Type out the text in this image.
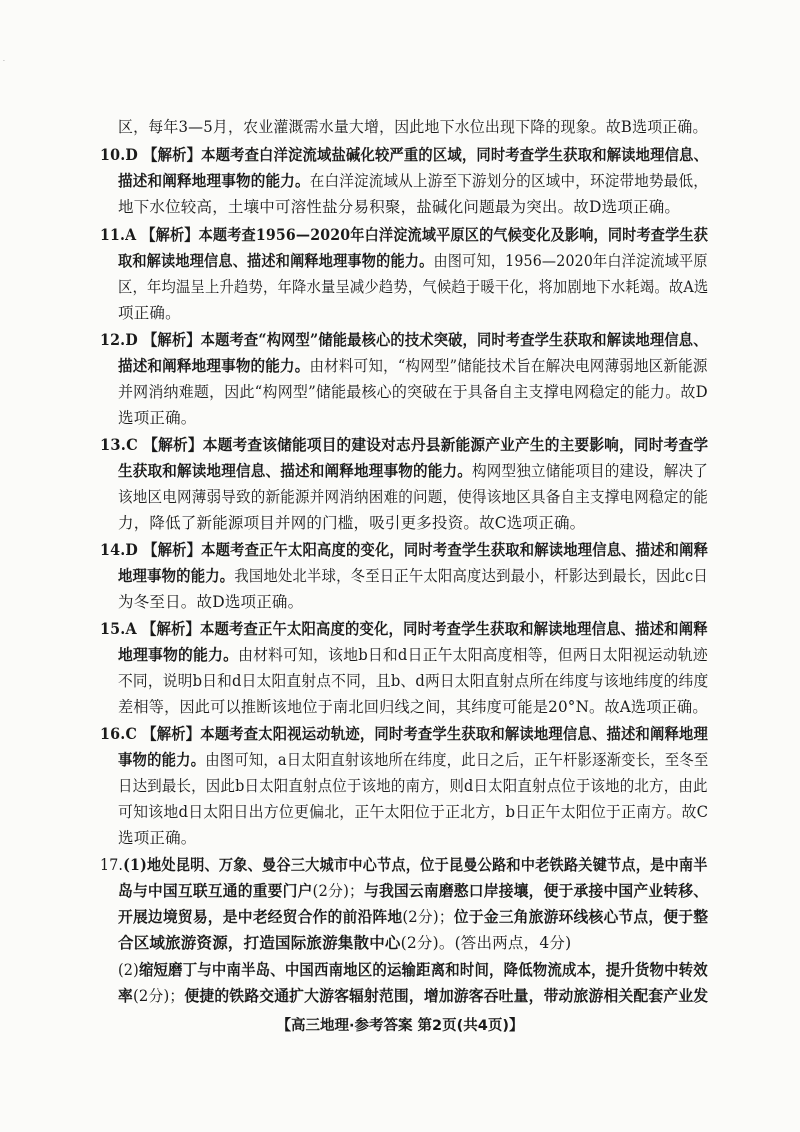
·
区，每年3—5月，农业灌溉需水量大增，因此地下水位出现下降的现象。故B选项正确。
10.D 【解析】本题考查白洋淀流域盐碱化较严重的区域，同时考查学生获取和解读地理信息、
描述和阐释地理事物的能力。在白洋淀流域从上游至下游划分的区域中，环淀带地势最低，
地下水位较高，土壤中可溶性盐分易积聚，盐碱化问题最为突出。故D选项正确。
11.A 【解析】本题考查1956—2020年白洋淀流域平原区的气候变化及影响，同时考查学生获
取和解读地理信息、描述和阐释地理事物的能力。由图可知，1956—2020年白洋淀流域平原
区，年均温呈上升趋势，年降水量呈减少趋势，气候趋于暖干化，将加剧地下水耗竭。故A选
项正确。
12.D 【解析】本题考查“构网型”储能最核心的技术突破，同时考查学生获取和解读地理信息、
描述和阐释地理事物的能力。由材料可知，“构网型”储能技术旨在解决电网薄弱地区新能源
并网消纳难题，因此“构网型”储能最核心的突破在于具备自主支撑电网稳定的能力。故D
选项正确。
13.C 【解析】本题考查该储能项目的建设对志丹县新能源产业产生的主要影响，同时考查学
生获取和解读地理信息、描述和阐释地理事物的能力。构网型独立储能项目的建设，解决了
该地区电网薄弱导致的新能源并网消纳困难的问题，使得该地区具备自主支撑电网稳定的能
力，降低了新能源项目并网的门槛，吸引更多投资。故C选项正确。
14.D 【解析】本题考查正午太阳高度的变化，同时考查学生获取和解读地理信息、描述和阐释
地理事物的能力。我国地处北半球，冬至日正午太阳高度达到最小，杆影达到最长，因此c日
为冬至日。故D选项正确。
15.A 【解析】本题考查正午太阳高度的变化，同时考查学生获取和解读地理信息、描述和阐释
地理事物的能力。由材料可知，该地b日和d日正午太阳高度相等，但两日太阳视运动轨迹
不同，说明b日和d日太阳直射点不同，且b、d两日太阳直射点所在纬度与该地纬度的纬度
差相等，因此可以推断该地位于南北回归线之间，其纬度可能是20°N。故A选项正确。
16.C 【解析】本题考查太阳视运动轨迹，同时考查学生获取和解读地理信息、描述和阐释地理
事物的能力。由图可知，a日太阳直射该地所在纬度，此日之后，正午杆影逐渐变长，至冬至
日达到最长，因此b日太阳直射点位于该地的南方，则d日太阳直射点位于该地的北方，由此
可知该地d日太阳日出方位更偏北，正午太阳位于正北方，b日正午太阳位于正南方。故C
选项正确。
17.(1)地处昆明、万象、曼谷三大城市中心节点，位于昆曼公路和中老铁路关键节点，是中南半
岛与中国互联互通的重要门户(2分)；与我国云南磨憨口岸接壤，便于承接中国产业转移、
开展边境贸易，是中老经贸合作的前沿阵地(2分)；位于金三角旅游环线核心节点，便于整
合区域旅游资源，打造国际旅游集散中心(2分)。(答出两点，4分)
(2)缩短磨丁与中南半岛、中国西南地区的运输距离和时间，降低物流成本，提升货物中转效
率(2分)；便捷的铁路交通扩大游客辐射范围，增加游客吞吐量，带动旅游相关配套产业发
【高三地理·参考答案 第2页(共4页)】
